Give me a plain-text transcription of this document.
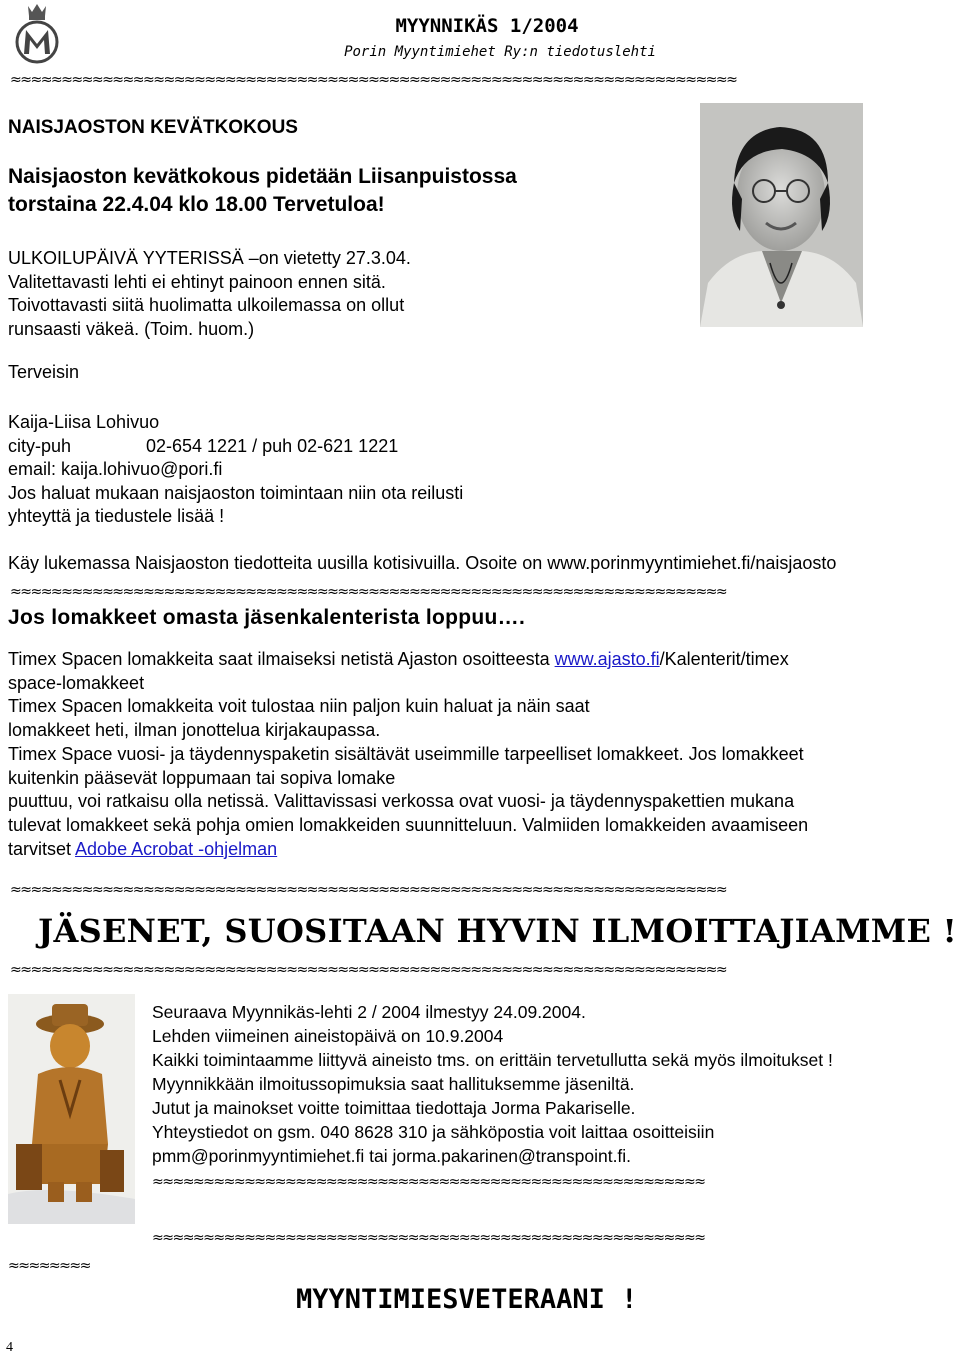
MYYNNIKÄS 1/2004
Porin Myyntimiehet Ry:n tiedotuslehti
≈≈≈≈≈≈≈≈≈≈≈≈≈≈≈≈≈≈≈≈≈≈≈≈≈≈≈≈≈≈≈≈≈≈≈≈≈≈≈≈≈≈≈≈≈≈≈≈≈≈≈≈≈≈≈≈≈≈≈≈≈≈≈≈≈≈≈≈≈≈≈
NAISJAOSTON KEVÄTKOKOUS
Naisjaoston kevätkokous pidetään Liisanpuistossa
torstaina 22.4.04 klo 18.00 Tervetuloa!
ULKOILUPÄIVÄ YYTERISSÄ –on vietetty 27.3.04.
Valitettavasti lehti ei ehtinyt painoon ennen sitä.
Toivottavasti siitä huolimatta ulkoilemassa on ollut
runsaasti väkeä. (Toim. huom.)
Terveisin
Kaija-Liisa Lohivuo
city-puh	02-654 1221 / puh 02-621 1221
email: kaija.lohivuo@pori.fi
Jos haluat mukaan naisjaoston toimintaan niin ota reilusti
yhteyttä ja tiedustele lisää !
Käy lukemassa Naisjaoston tiedotteita uusilla kotisivuilla. Osoite on www.porinmyyntimiehet.fi/naisjaosto
≈≈≈≈≈≈≈≈≈≈≈≈≈≈≈≈≈≈≈≈≈≈≈≈≈≈≈≈≈≈≈≈≈≈≈≈≈≈≈≈≈≈≈≈≈≈≈≈≈≈≈≈≈≈≈≈≈≈≈≈≈≈≈≈≈≈≈≈≈≈
Jos lomakkeet omasta jäsenkalenterista loppuu….
Timex Spacen lomakkeita saat ilmaiseksi netistä Ajaston osoitteesta www.ajasto.fi/Kalenterit/timex
space-lomakkeet
Timex Spacen lomakkeita voit tulostaa niin paljon kuin haluat ja näin saat
lomakkeet heti, ilman jonottelua kirjakaupassa.
Timex Space vuosi- ja täydennyspaketin sisältävät useimmille tarpeelliset lomakkeet. Jos lomakkeet
kuitenkin pääsevät loppumaan tai sopiva lomake
puuttuu, voi ratkaisu olla netissä. Valittavissasi verkossa ovat vuosi- ja täydennyspakettien mukana
tulevat lomakkeet sekä pohja omien lomakkeiden suunnitteluun. Valmiiden lomakkeiden avaamiseen
tarvitset Adobe Acrobat -ohjelman
≈≈≈≈≈≈≈≈≈≈≈≈≈≈≈≈≈≈≈≈≈≈≈≈≈≈≈≈≈≈≈≈≈≈≈≈≈≈≈≈≈≈≈≈≈≈≈≈≈≈≈≈≈≈≈≈≈≈≈≈≈≈≈≈≈≈≈≈≈≈
JÄSENET, SUOSITAAN HYVIN ILMOITTAJIAMME !
≈≈≈≈≈≈≈≈≈≈≈≈≈≈≈≈≈≈≈≈≈≈≈≈≈≈≈≈≈≈≈≈≈≈≈≈≈≈≈≈≈≈≈≈≈≈≈≈≈≈≈≈≈≈≈≈≈≈≈≈≈≈≈≈≈≈≈≈≈≈
Seuraava Myynnikäs-lehti 2 / 2004 ilmestyy 24.09.2004.
Lehden viimeinen aineistopäivä on 10.9.2004
Kaikki toimintaamme liittyvä aineisto tms. on erittäin tervetullutta sekä myös ilmoitukset !
Myynnikkään ilmoitussopimuksia saat hallituksemme jäseniltä.
Jutut ja mainokset voitte toimittaa tiedottaja Jorma Pakariselle.
Yhteystiedot on gsm. 040 8628 310 ja sähköpostia voit laittaa osoitteisiin
pmm@porinmyyntimiehet.fi tai jorma.pakarinen@transpoint.fi.
≈≈≈≈≈≈≈≈≈≈≈≈≈≈≈≈≈≈≈≈≈≈≈≈≈≈≈≈≈≈≈≈≈≈≈≈≈≈≈≈≈≈≈≈≈≈≈≈≈≈≈≈≈≈
≈≈≈≈≈≈≈≈≈≈≈≈≈≈≈≈≈≈≈≈≈≈≈≈≈≈≈≈≈≈≈≈≈≈≈≈≈≈≈≈≈≈≈≈≈≈≈≈≈≈≈≈≈≈
≈≈≈≈≈≈≈≈
MYYNTIMIESVETERAANI !
4
